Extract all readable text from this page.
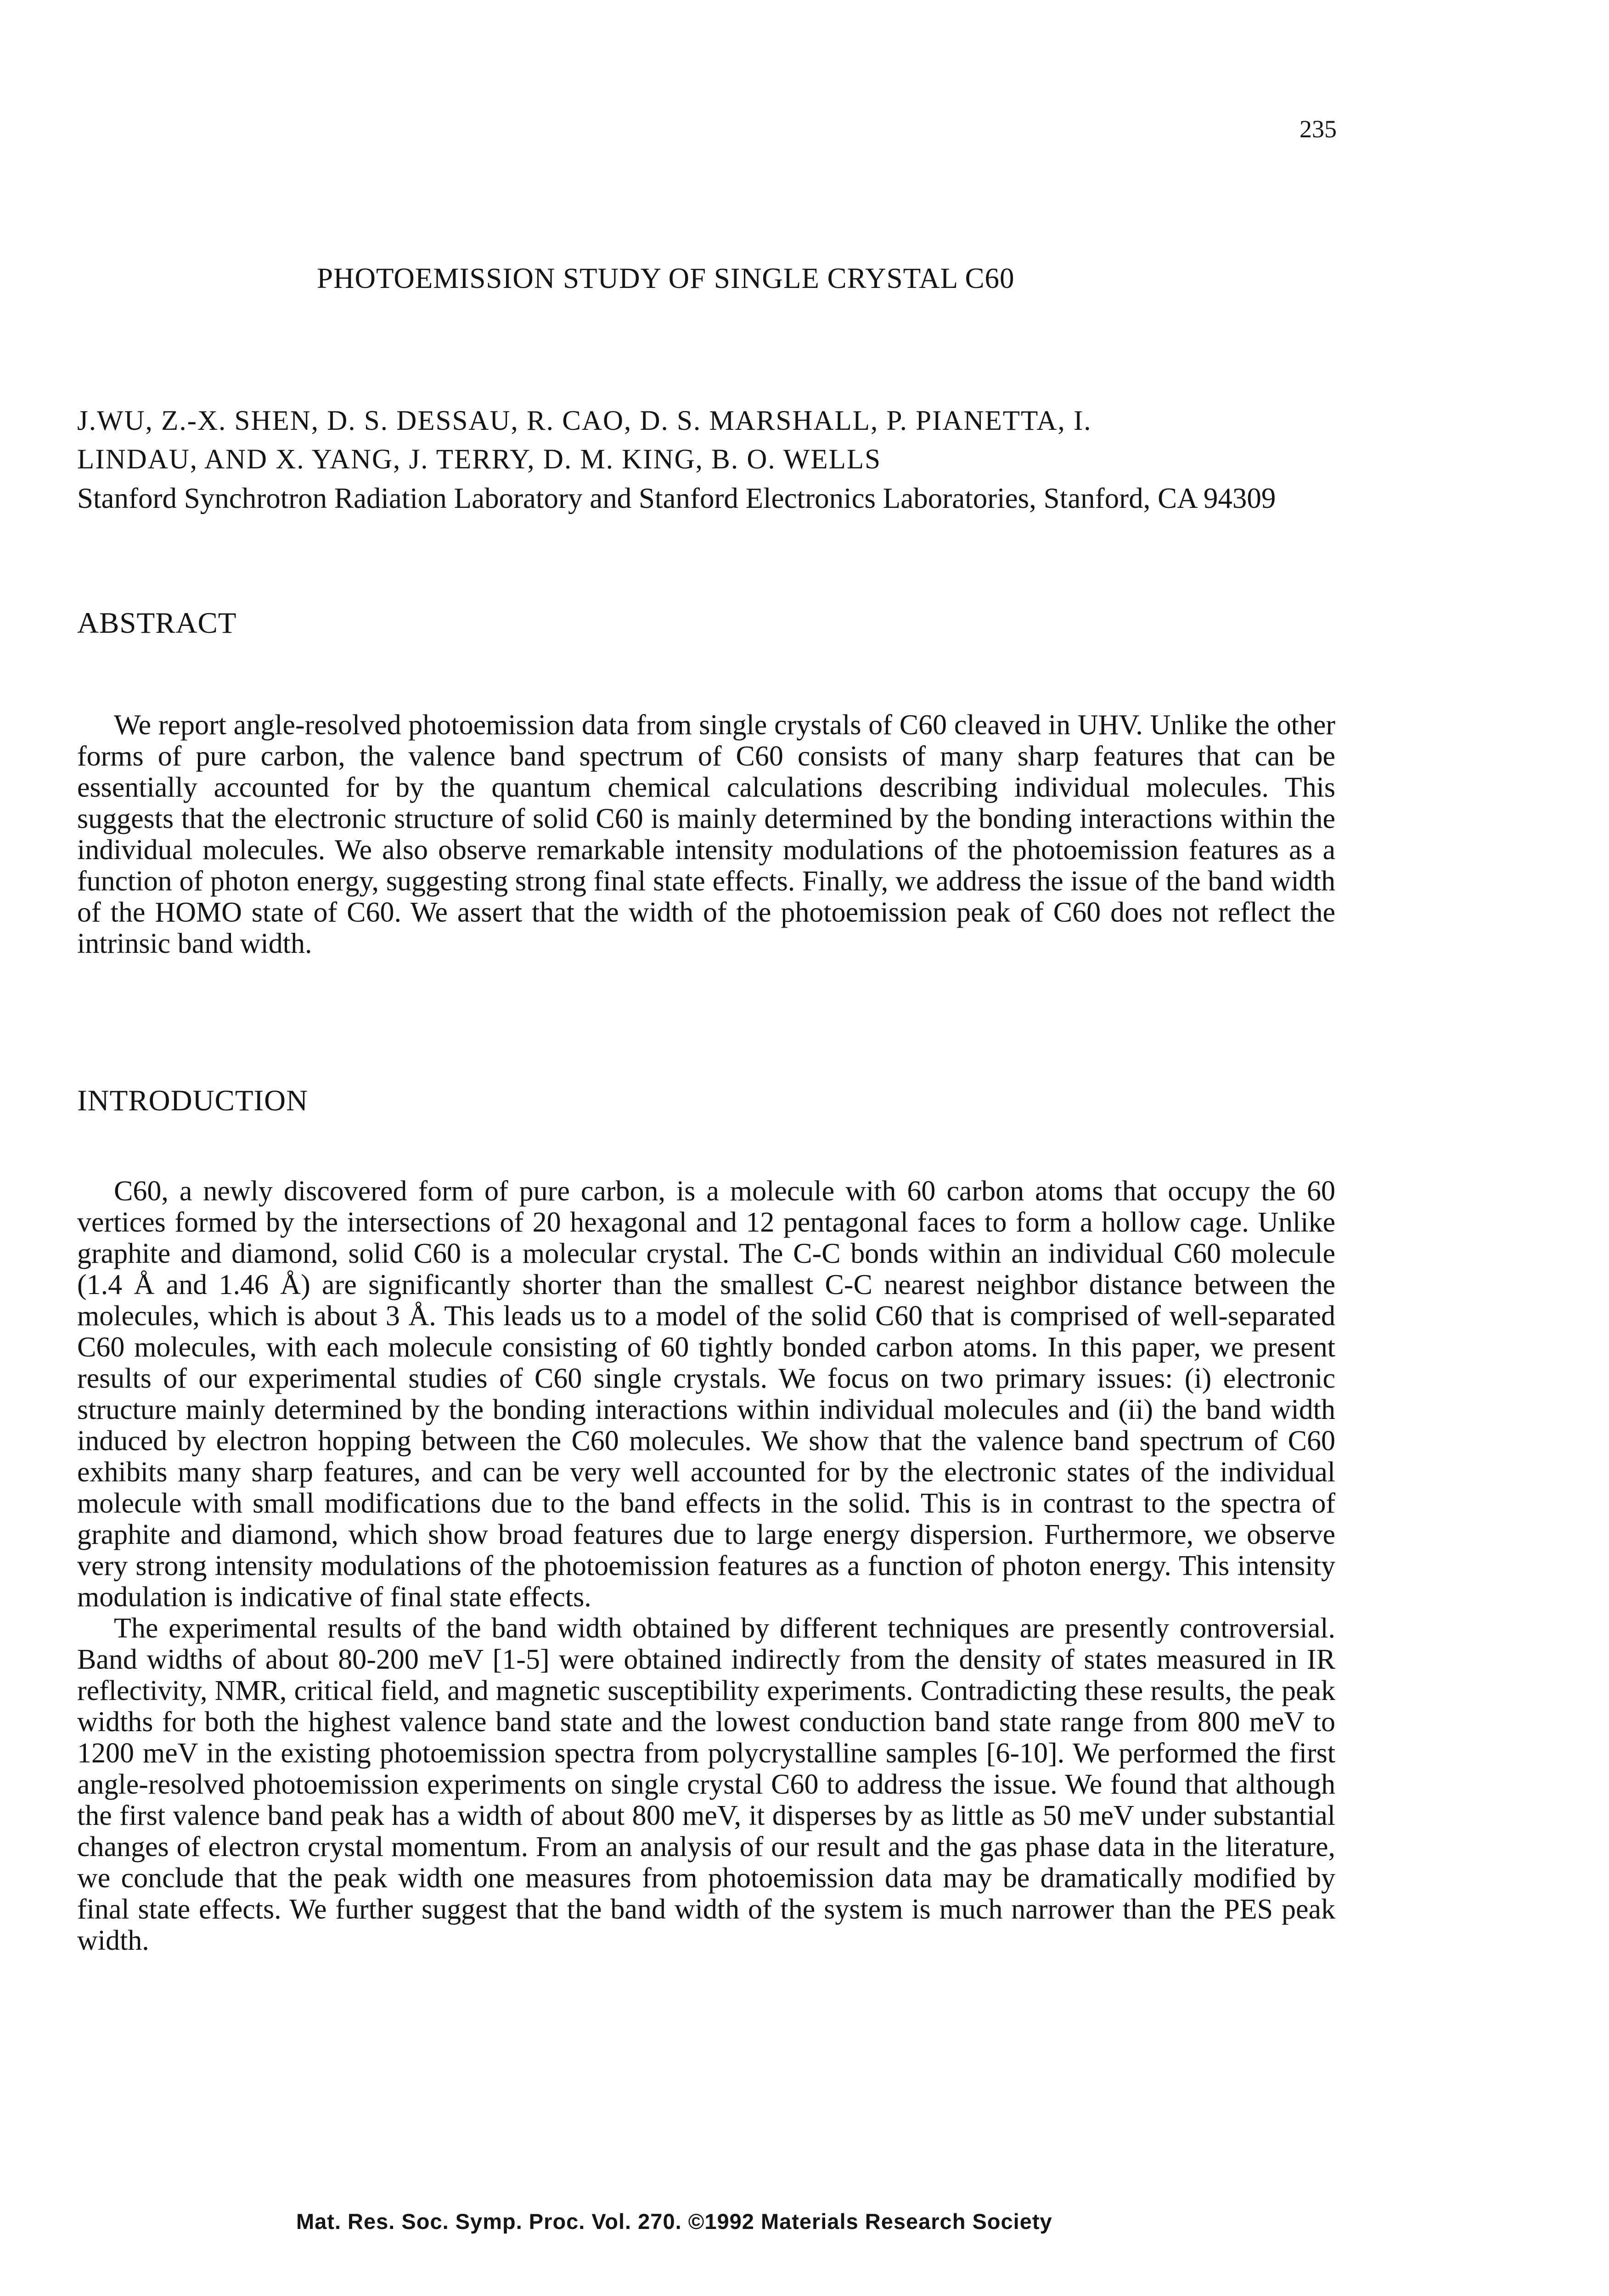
235
PHOTOEMISSION STUDY OF SINGLE CRYSTAL C60
J.WU, Z.-X. SHEN, D. S. DESSAU, R. CAO, D. S. MARSHALL, P. PIANETTA, I.
LINDAU, AND X. YANG, J. TERRY, D. M. KING, B. O. WELLS
Stanford Synchrotron Radiation Laboratory and Stanford Electronics Laboratories, Stanford, CA 94309
ABSTRACT

We report angle-resolved photoemission data from single crystals of C60 cleaved in UHV. Unlike the other forms of pure carbon, the valence band spectrum of C60 consists of many sharp features that can be essentially accounted for by the quantum chemical calculations describing individual molecules. This suggests that the electronic structure of solid C60 is mainly determined by the bonding interactions within the individual molecules. We also observe remarkable intensity modulations of the photoemission features as a function of photon energy, suggesting strong final state effects. Finally, we address the issue of the band width of the HOMO state of C60. We assert that the width of the photoemission peak of C60 does not reflect the intrinsic band width.

INTRODUCTION

C60, a newly discovered form of pure carbon, is a molecule with 60 carbon atoms that occupy the 60 vertices formed by the intersections of 20 hexagonal and 12 pentagonal faces to form a hollow cage. Unlike graphite and diamond, solid C60 is a molecular crystal. The C-C bonds within an individual C60 molecule (1.4 Å and 1.46 Å) are significantly shorter than the smallest C-C nearest neighbor distance between the molecules, which is about 3 Å. This leads us to a model of the solid C60 that is comprised of well-separated C60 molecules, with each molecule consisting of 60 tightly bonded carbon atoms. In this paper, we present results of our experimental studies of C60 single crystals. We focus on two primary issues: (i) electronic structure mainly determined by the bonding interactions within individual molecules and (ii) the band width induced by electron hopping between the C60 molecules. We show that the valence band spectrum of C60 exhibits many sharp features, and can be very well accounted for by the electronic states of the individual molecule with small modifications due to the band effects in the solid. This is in contrast to the spectra of graphite and diamond, which show broad features due to large energy dispersion. Furthermore, we observe very strong intensity modulations of the photoemission features as a function of photon energy. This intensity modulation is indicative of final state effects.

The experimental results of the band width obtained by different techniques are presently controversial. Band widths of about 80-200 meV [1-5] were obtained indirectly from the density of states measured in IR reflectivity, NMR, critical field, and magnetic susceptibility experiments. Contradicting these results, the peak widths for both the highest valence band state and the lowest conduction band state range from 800 meV to 1200 meV in the existing photoemission spectra from polycrystalline samples [6-10]. We performed the first angle-resolved photoemission experiments on single crystal C60 to address the issue. We found that although the first valence band peak has a width of about 800 meV, it disperses by as little as 50 meV under substantial changes of electron crystal momentum. From an analysis of our result and the gas phase data in the literature, we conclude that the peak width one measures from photoemission data may be dramatically modified by final state effects. We further suggest that the band width of the system is much narrower than the PES peak width.

Mat. Res. Soc. Symp. Proc. Vol. 270. ©1992 Materials Research Society
